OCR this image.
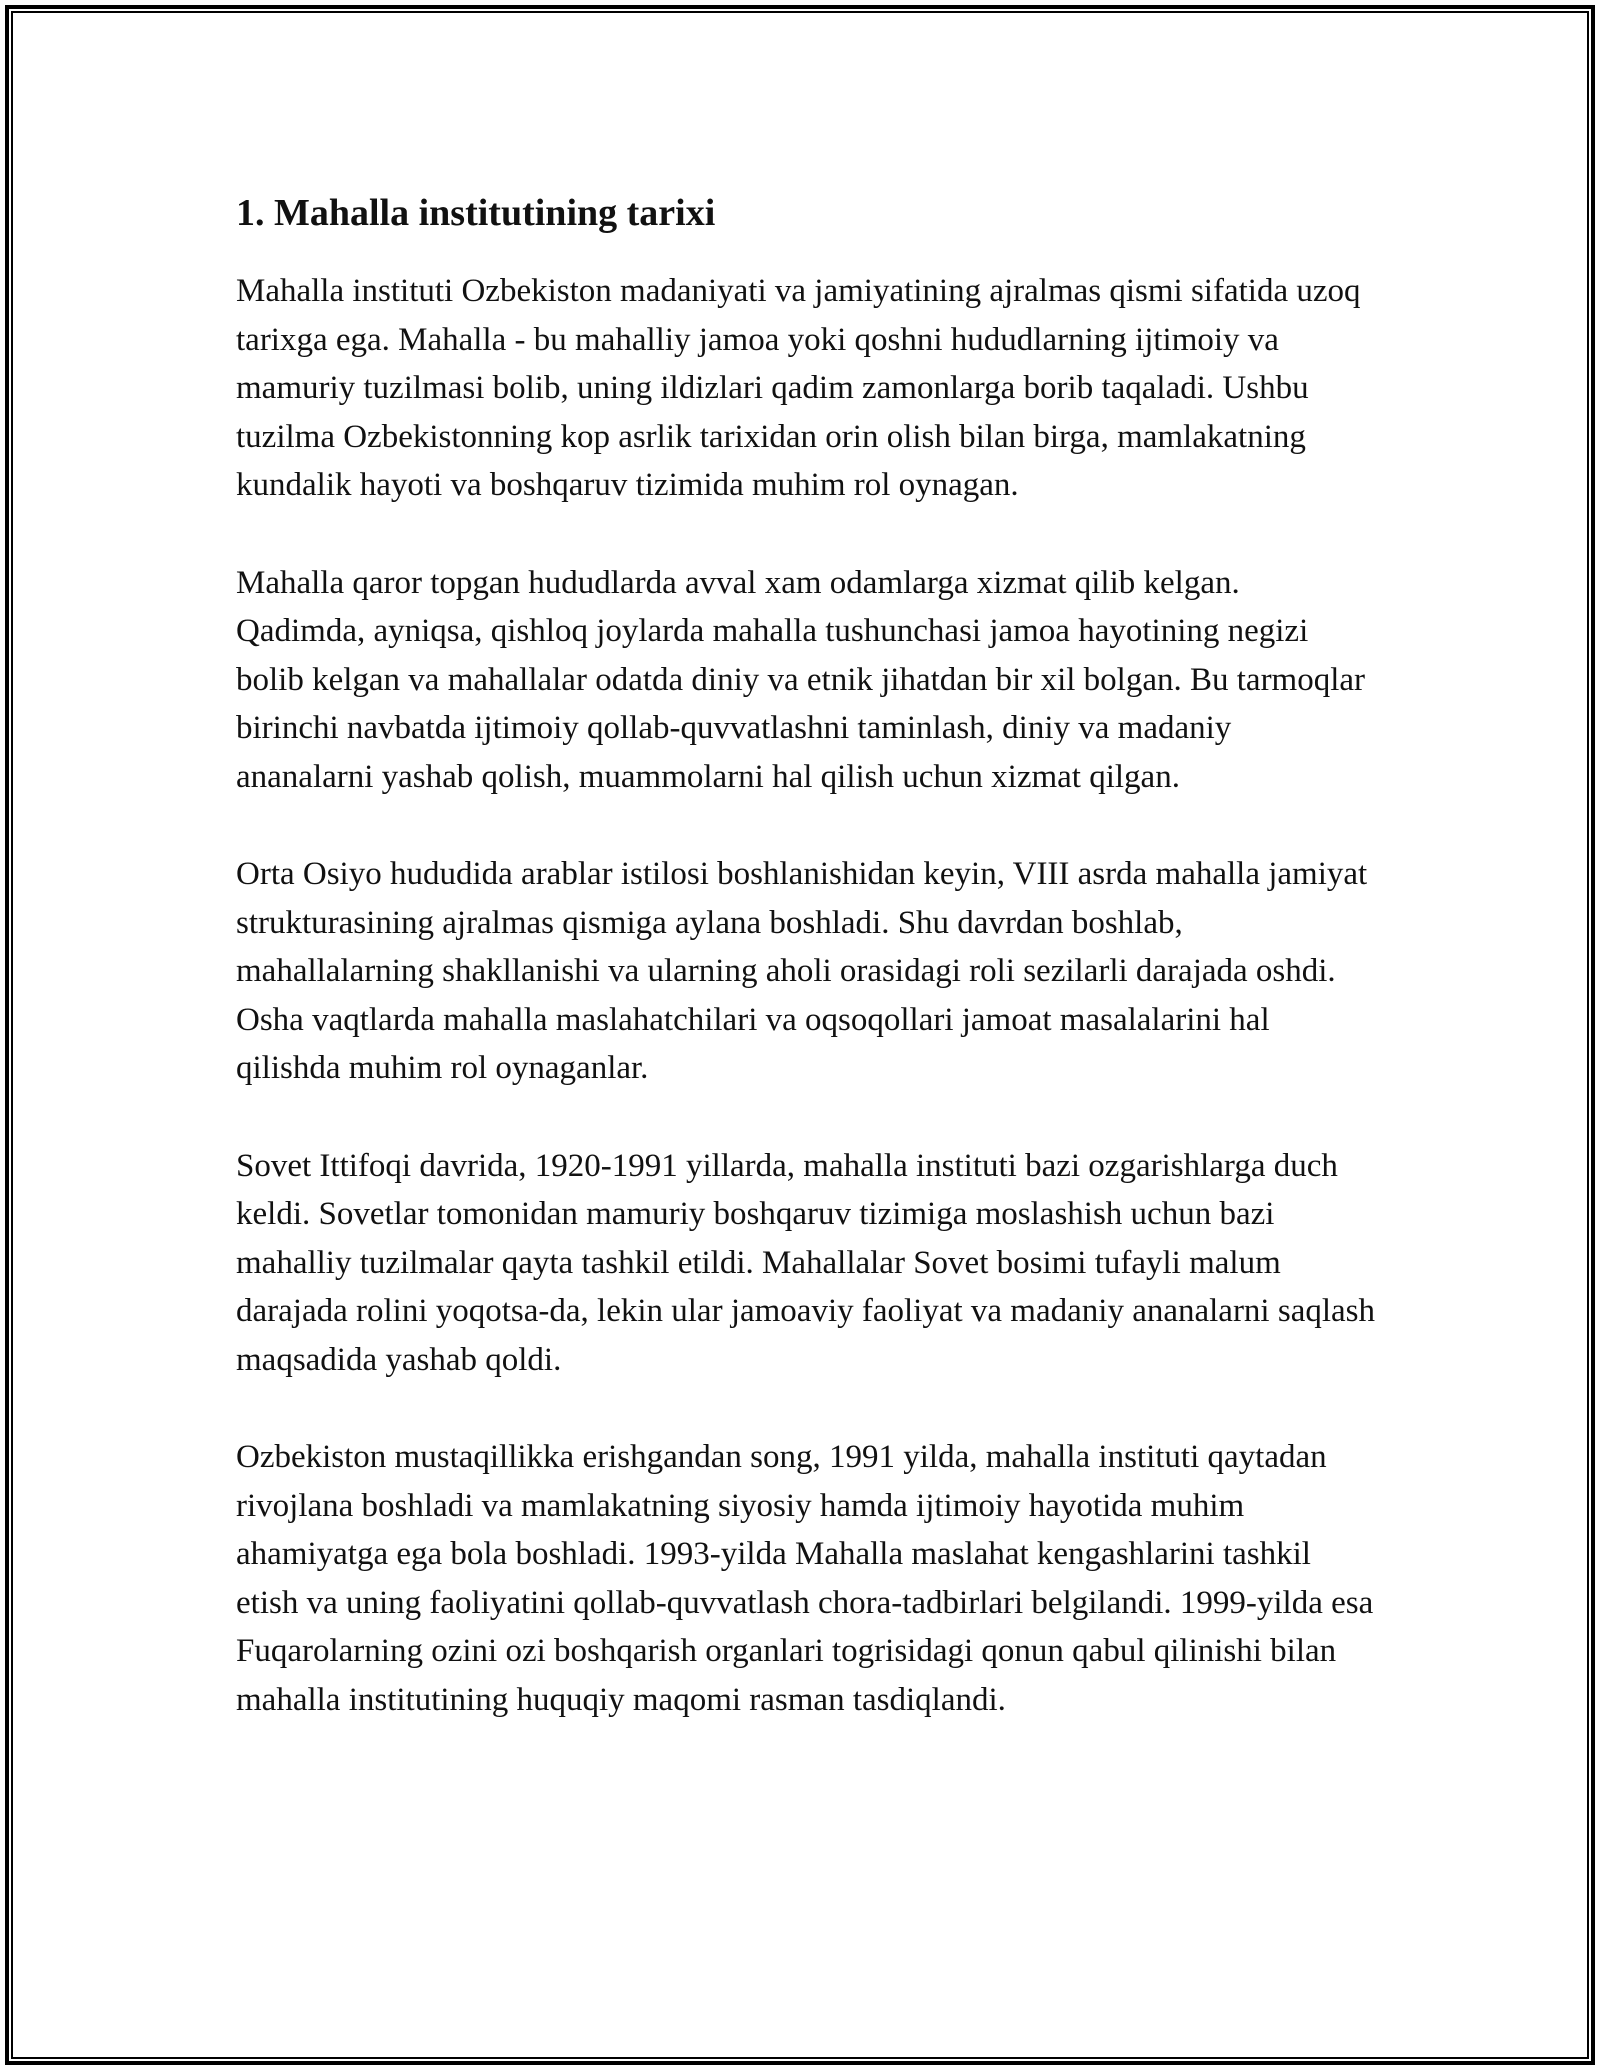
1. Mahalla institutining tarixi

Mahalla instituti Ozbekiston madaniyati va jamiyatining ajralmas qismi sifatida uzoq tarixga ega. Mahalla - bu mahalliy jamoa yoki qoshni hududlarning ijtimoiy va mamuriy tuzilmasi bolib, uning ildizlari qadim zamonlarga borib taqaladi. Ushbu tuzilma Ozbekistonning kop asrlik tarixidan orin olish bilan birga, mamlakatning kundalik hayoti va boshqaruv tizimida muhim rol oynagan.

Mahalla qaror topgan hududlarda avval xam odamlarga xizmat qilib kelgan. Qadimda, ayniqsa, qishloq joylarda mahalla tushunchasi jamoa hayotining negizi bolib kelgan va mahallalar odatda diniy va etnik jihatdan bir xil bolgan. Bu tarmoqlar birinchi navbatda ijtimoiy qollab-quvvatlashni taminlash, diniy va madaniy ananalarni yashab qolish, muammolarni hal qilish uchun xizmat qilgan.

Orta Osiyo hududida arablar istilosi boshlanishidan keyin, VIII asrda mahalla jamiyat strukturasining ajralmas qismiga aylana boshladi. Shu davrdan boshlab, mahallalarning shakllanishi va ularning aholi orasidagi roli sezilarli darajada oshdi. Osha vaqtlarda mahalla maslahatchilari va oqsoqollari jamoat masalalarini hal qilishda muhim rol oynaganlar.

Sovet Ittifoqi davrida, 1920-1991 yillarda, mahalla instituti bazi ozgarishlarga duch keldi. Sovetlar tomonidan mamuriy boshqaruv tizimiga moslashish uchun bazi mahalliy tuzilmalar qayta tashkil etildi. Mahallalar Sovet bosimi tufayli malum darajada rolini yoqotsa-da, lekin ular jamoaviy faoliyat va madaniy ananalarni saqlash maqsadida yashab qoldi.

Ozbekiston mustaqillikka erishgandan song, 1991 yilda, mahalla instituti qaytadan rivojlana boshladi va mamlakatning siyosiy hamda ijtimoiy hayotida muhim ahamiyatga ega bola boshladi. 1993-yilda Mahalla maslahat kengashlarini tashkil etish va uning faoliyatini qollab-quvvatlash chora-tadbirlari belgilandi. 1999-yilda esa Fuqarolarning ozini ozi boshqarish organlari togrisidagi qonun qabul qilinishi bilan mahalla institutining huquqiy maqomi rasman tasdiqlandi.
